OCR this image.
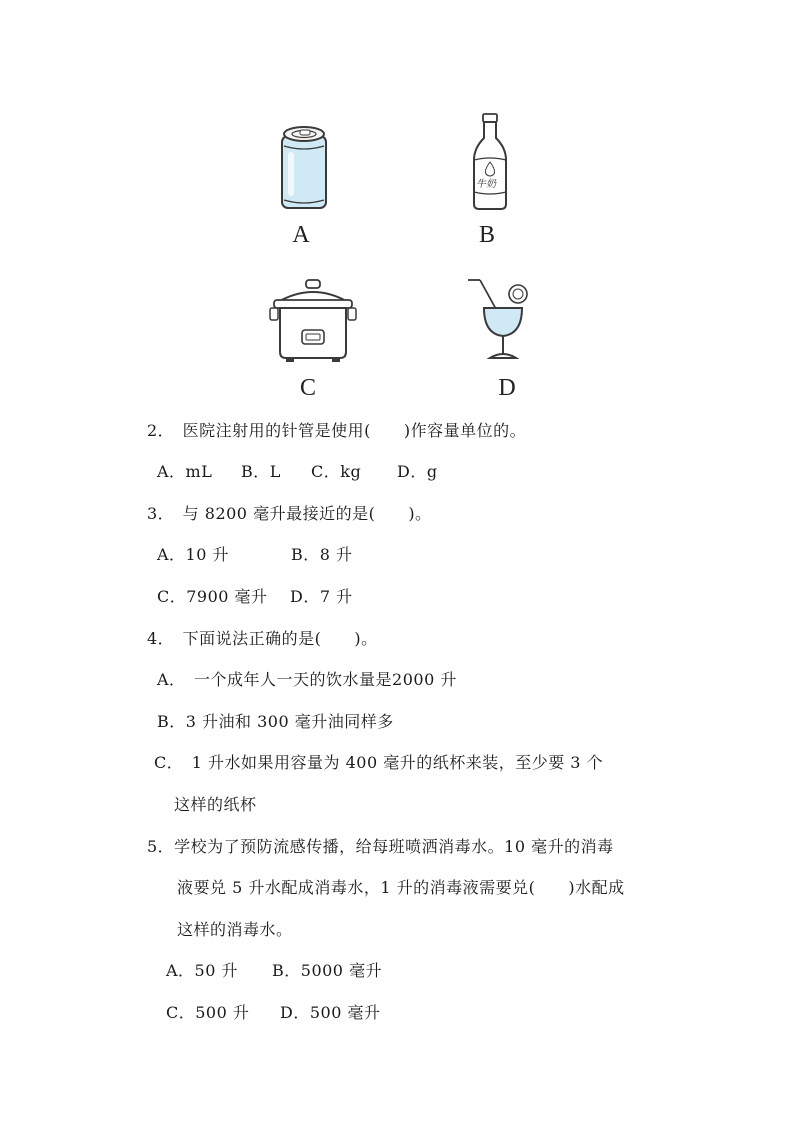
A
牛奶
B
C	D
2．　医院注射用的针管是使用(　　)作容量单位的。
A．mL B．L C．kg D．g
3．　与 8200 毫升最接近的是(　　)。
A．10 升	B．8 升
C．7900 毫升 D．7 升
4．　下面说法正确的是(　　)。
A．　一个成年人一天的饮水量是2000 升
B．3 升油和 300 毫升油同样多
C．　1 升水如果用容量为 400 毫升的纸杯来装，至少要 3 个
这样的纸杯
5．学校为了预防流感传播，给每班喷洒消毒水。10 毫升的消毒
液要兑 5 升水配成消毒水，1 升的消毒液需要兑(　　)水配成
这样的消毒水。
A．50 升 B．5000 毫升
C．500 升 D．500 毫升
